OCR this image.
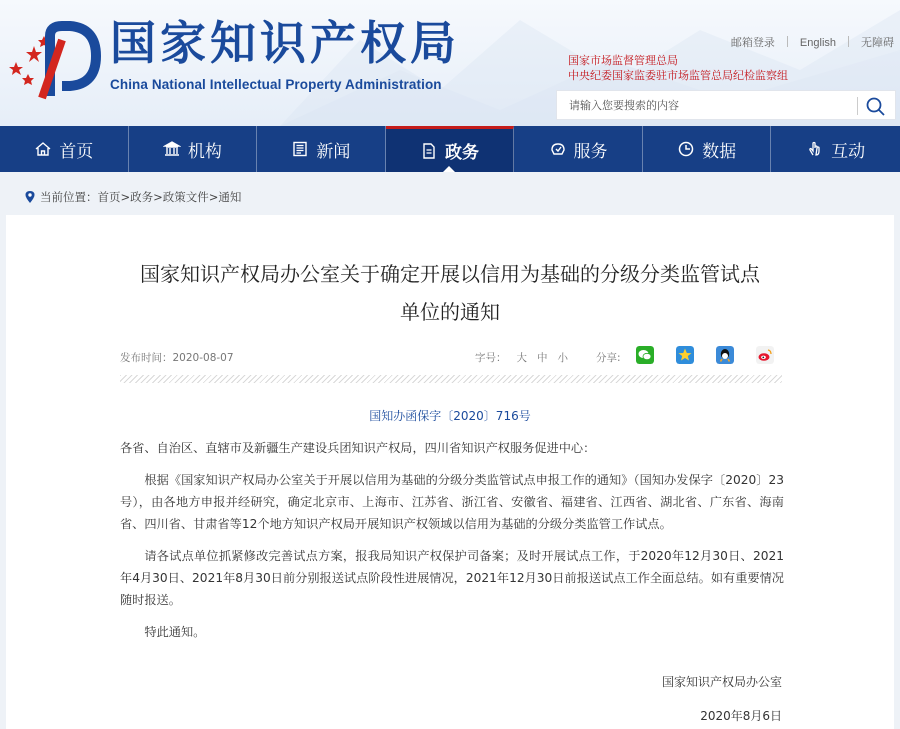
国家知识产权局
China National Intellectual Property Administration
邮箱登录 English 无障碍
国家市场监督管理总局
中央纪委国家监委驻市场监管总局纪检监察组
请输入您要搜索的内容
首页	机构	新闻	政务	服务	数据	互动
当前位置： 首页 > 政务 > 政策文件 > 通知
国家知识产权局办公室关于确定开展以信用为基础的分级分类监管试点
单位的通知
发布时间：2020-08-07	字号： 大 中 小	分享:
国知办函保字〔2020〕716号

各省、自治区、直辖市及新疆生产建设兵团知识产权局，四川省知识产权服务促进中心：

根据《国家知识产权局办公室关于开展以信用为基础的分级分类监管试点申报工作的通知》（国知办发保字〔2020〕23号），由各地方申报并经研究，确定北京市、上海市、江苏省、浙江省、安徽省、福建省、江西省、湖北省、广东省、海南省、四川省、甘肃省等12个地方知识产权局开展知识产权领域以信用为基础的分级分类监管工作试点。

请各试点单位抓紧修改完善试点方案，报我局知识产权保护司备案；及时开展试点工作，于2020年12月30日、2021年4月30日、2021年8月30日前分别报送试点阶段性进展情况，2021年12月30日前报送试点工作全面总结。如有重要情况随时报送。

特此通知。

国家知识产权局办公室
2020年8月6日
